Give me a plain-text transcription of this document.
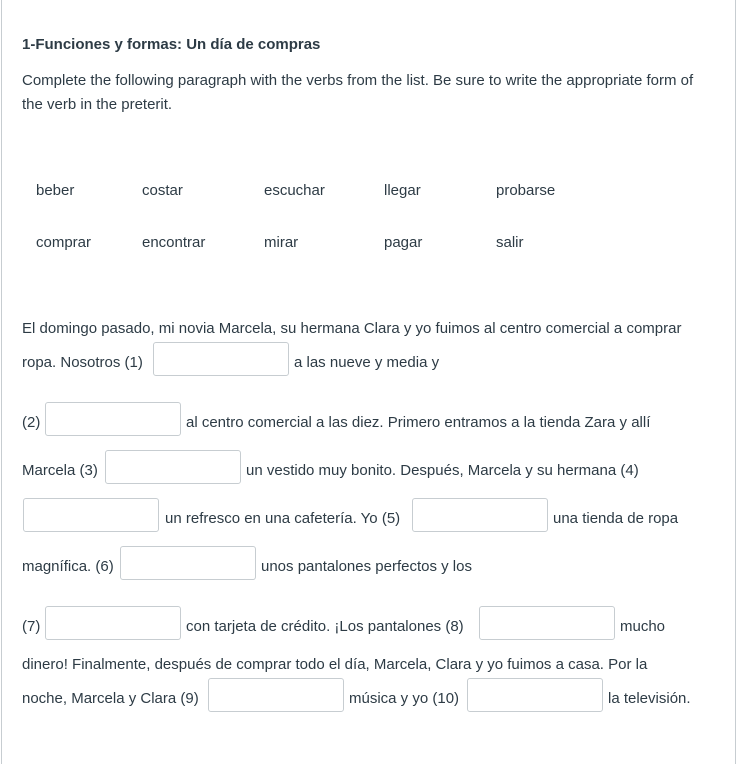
1-Funciones y formas: Un día de compras
Complete the following paragraph with the verbs from the list. Be sure to write the appropriate form of the verb in the preterit.
beber	costar	escuchar	llegar	probarse
comprar	encontrar	mirar	pagar	salir
El domingo pasado, mi novia Marcela, su hermana Clara y yo fuimos al centro comercial a comprar
ropa. Nosotros (1)	a las nueve y media y
(2)	al centro comercial a las diez. Primero entramos a la tienda Zara y allí
Marcela (3)	un vestido muy bonito. Después, Marcela y su hermana (4)
un refresco en una cafetería. Yo (5)	una tienda de ropa
magnífica. (6)	unos pantalones perfectos y los
(7)	con tarjeta de crédito. ¡Los pantalones (8)	mucho
dinero! Finalmente, después de comprar todo el día, Marcela, Clara y yo fuimos a casa. Por la
noche, Marcela y Clara (9)	música y yo (10)	la televisión.
